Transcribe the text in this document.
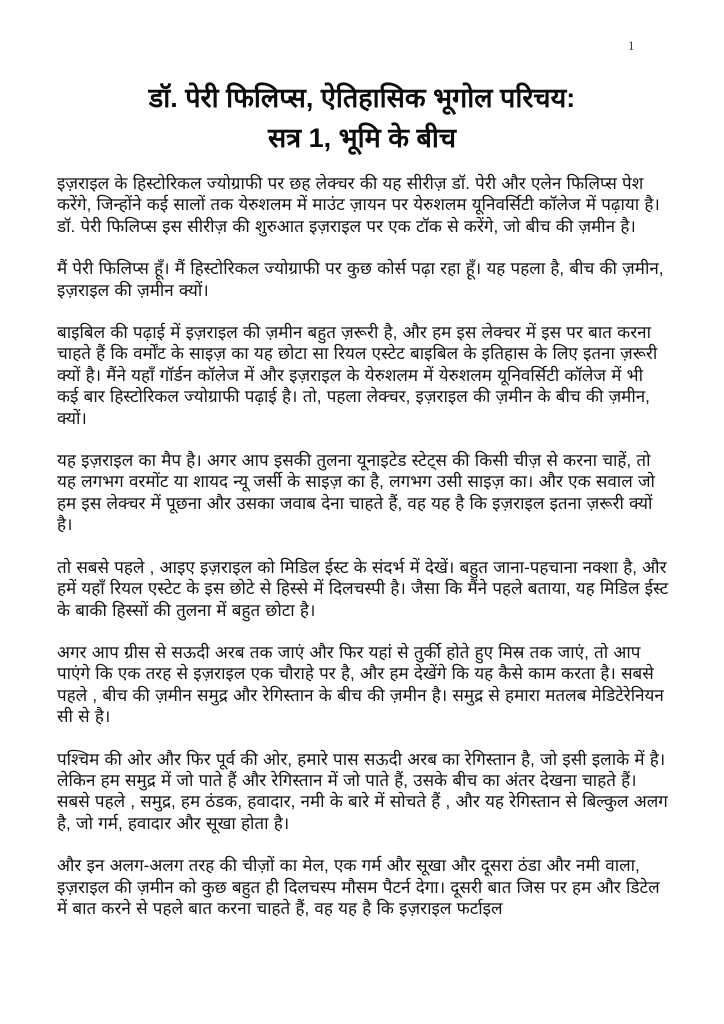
1
डॉ. पेरी फिलिप्स, ऐतिहासिक भूगोल परिचय:
सत्र 1, भूमि के बीच

इज़राइल के हिस्टोरिकल ज्योग्राफी पर छह लेक्चर की यह सीरीज़ डॉ. पेरी और एलेन फिलिप्स पेश करेंगे, जिन्होंने कई सालों तक येरुशलम में माउंट ज़ायन पर येरुशलम यूनिवर्सिटी कॉलेज में पढ़ाया है। डॉ. पेरी फिलिप्स इस सीरीज़ की शुरुआत इज़राइल पर एक टॉक से करेंगे, जो बीच की ज़मीन है।

मैं पेरी फिलिप्स हूँ। मैं हिस्टोरिकल ज्योग्राफी पर कुछ कोर्स पढ़ा रहा हूँ। यह पहला है, बीच की ज़मीन, इज़राइल की ज़मीन क्यों।

बाइबिल की पढ़ाई में इज़राइल की ज़मीन बहुत ज़रूरी है, और हम इस लेक्चर में इस पर बात करना चाहते हैं कि वर्मोंट के साइज़ का यह छोटा सा रियल एस्टेट बाइबिल के इतिहास के लिए इतना ज़रूरी क्यों है। मैंने यहाँ गॉर्डन कॉलेज में और इज़राइल के येरुशलम में येरुशलम यूनिवर्सिटी कॉलेज में भी कई बार हिस्टोरिकल ज्योग्राफी पढ़ाई है। तो, पहला लेक्चर, इज़राइल की ज़मीन के बीच की ज़मीन, क्यों।

यह इज़राइल का मैप है। अगर आप इसकी तुलना यूनाइटेड स्टेट्स की किसी चीज़ से करना चाहें, तो यह लगभग वरमोंट या शायद न्यू जर्सी के साइज़ का है, लगभग उसी साइज़ का। और एक सवाल जो हम इस लेक्चर में पूछना और उसका जवाब देना चाहते हैं, वह यह है कि इज़राइल इतना ज़रूरी क्यों है।

तो सबसे पहले , आइए इज़राइल को मिडिल ईस्ट के संदर्भ में देखें। बहुत जाना-पहचाना नक्शा है, और हमें यहाँ रियल एस्टेट के इस छोटे से हिस्से में दिलचस्पी है। जैसा कि मैंने पहले बताया, यह मिडिल ईस्ट के बाकी हिस्सों की तुलना में बहुत छोटा है।

अगर आप ग्रीस से सऊदी अरब तक जाएं और फिर यहां से तुर्की होते हुए मिस्र तक जाएं, तो आप पाएंगे कि एक तरह से इज़राइल एक चौराहे पर है, और हम देखेंगे कि यह कैसे काम करता है। सबसे पहले , बीच की ज़मीन समुद्र और रेगिस्तान के बीच की ज़मीन है। समुद्र से हमारा मतलब मेडिटेरेनियन सी से है।

पश्चिम की ओर और फिर पूर्व की ओर, हमारे पास सऊदी अरब का रेगिस्तान है, जो इसी इलाके में है। लेकिन हम समुद्र में जो पाते हैं और रेगिस्तान में जो पाते हैं, उसके बीच का अंतर देखना चाहते हैं। सबसे पहले , समुद्र, हम ठंडक, हवादार, नमी के बारे में सोचते हैं , और यह रेगिस्तान से बिल्कुल अलग है, जो गर्म, हवादार और सूखा होता है।

और इन अलग-अलग तरह की चीज़ों का मेल, एक गर्म और सूखा और दूसरा ठंडा और नमी वाला, इज़राइल की ज़मीन को कुछ बहुत ही दिलचस्प मौसम पैटर्न देगा। दूसरी बात जिस पर हम और डिटेल में बात करने से पहले बात करना चाहते हैं, वह यह है कि इज़राइल फर्टाइल
